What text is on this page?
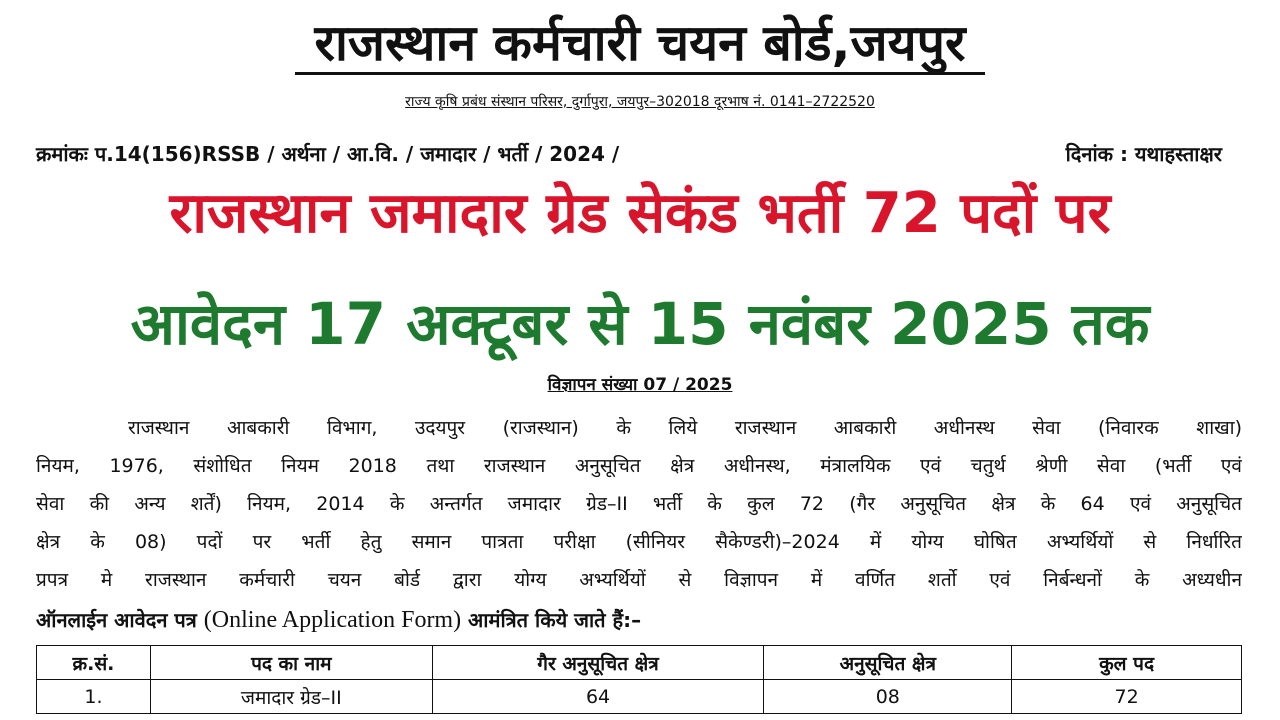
राजस्थान कर्मचारी चयन बोर्ड,जयपुर
राज्य कृषि प्रबंध संस्थान परिसर, दुर्गापुरा, जयपुर–302018 दूरभाष नं. 0141–2722520
क्रमांकः प.14(156)RSSB / अर्थना / आ.वि. / जमादार / भर्ती / 2024 /	दिनांक : यथाहस्ताक्षर
राजस्थान जमादार ग्रेड सेकंड भर्ती 72 पदों पर
आवेदन 17 अक्टूबर से 15 नवंबर 2025 तक
विज्ञापन संख्या 07 / 2025
राजस्थान आबकारी विभाग, उदयपुर (राजस्थान) के लिये राजस्थान आबकारी अधीनस्थ सेवा (निवारक शाखा)
नियम, 1976, संशोधित नियम 2018 तथा राजस्थान अनुसूचित क्षेत्र अधीनस्थ, मंत्रालयिक एवं चतुर्थ श्रेणी सेवा (भर्ती एवं
सेवा की अन्य शर्तें) नियम, 2014 के अन्तर्गत जमादार ग्रेड–II भर्ती के कुल 72 (गैर अनुसूचित क्षेत्र के 64 एवं अनुसूचित
क्षेत्र के 08) पदों पर भर्ती हेतु समान पात्रता परीक्षा (सीनियर सैकेण्डरी)–2024 में योग्य घोषित अभ्यर्थियों से निर्धारित
प्रपत्र मे राजस्थान कर्मचारी चयन बोर्ड द्वारा योग्य अभ्यर्थियों से विज्ञापन में वर्णित शर्तो एवं निर्बन्धनों के अध्यधीन
ऑनलाईन आवेदन पत्र (Online Application Form) आमंत्रित किये जाते हैं:–
क्र.सं.	पद का नाम	गैर अनुसूचित क्षेत्र	अनुसूचित क्षेत्र	कुल पद
1.	जमादार ग्रेड–II	64	08	72
